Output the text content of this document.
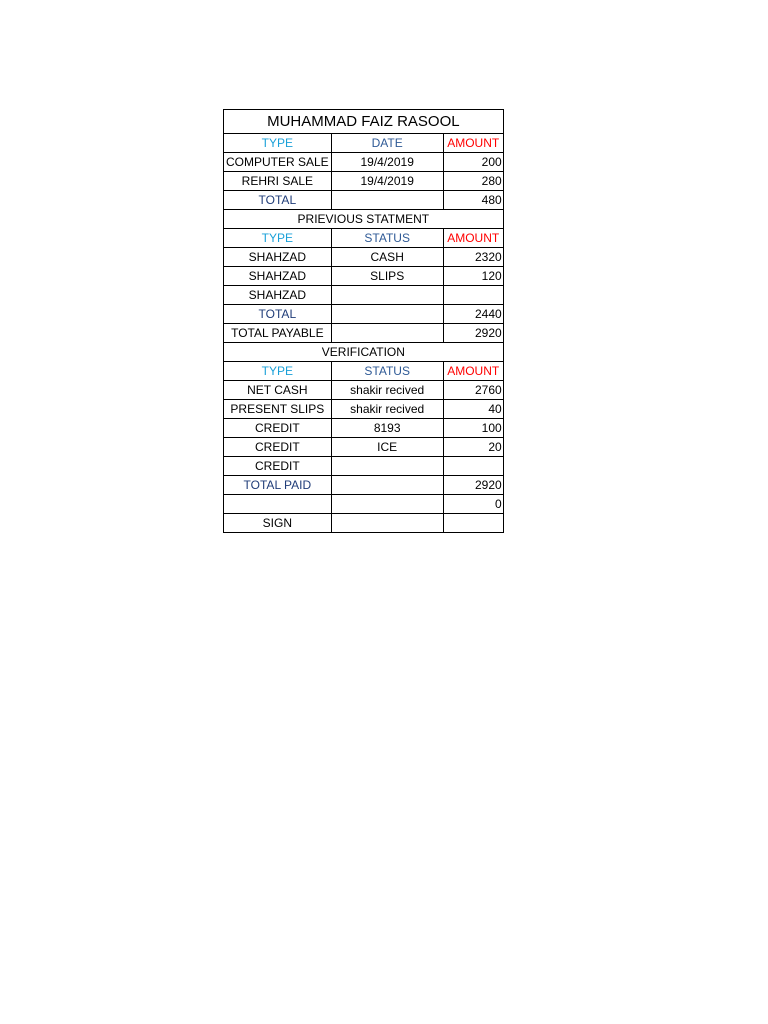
MUHAMMAD FAIZ RASOOL		
TYPE	DATE	AMOUNT
COMPUTER SALE	19/4/2019	200
REHRI SALE	19/4/2019	280
TOTAL		480
PRIEVIOUS STATMENT		
TYPE	STATUS	AMOUNT
SHAHZAD	CASH	2320
SHAHZAD	SLIPS	120
SHAHZAD		
TOTAL		2440
TOTAL PAYABLE		2920
VERIFICATION		
TYPE	STATUS	AMOUNT
NET CASH	shakir recived	2760
PRESENT SLIPS	shakir recived	40
CREDIT	8193	100
CREDIT	ICE	20
CREDIT		
TOTAL PAID		2920
		0
SIGN		
